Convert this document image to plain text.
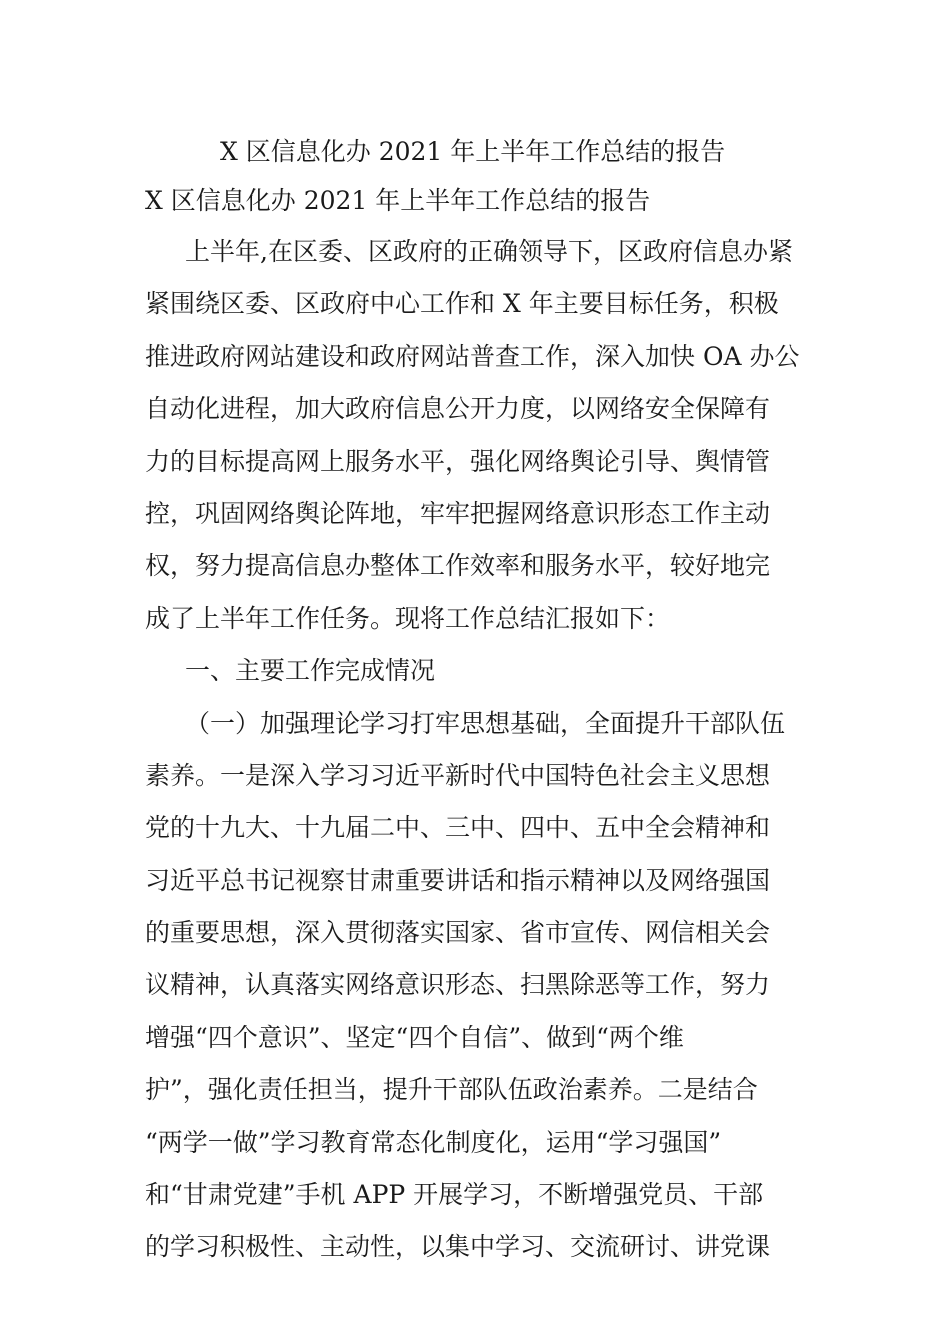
X 区信息化办 2021 年上半年工作总结的报告
X 区信息化办 2021 年上半年工作总结的报告
上半年,在区委、区政府的正确领导下，区政府信息办紧
紧围绕区委、区政府中心工作和 X 年主要目标任务，积极
推进政府网站建设和政府网站普查工作，深入加快 OA 办公
自动化进程，加大政府信息公开力度，以网络安全保障有
力的目标提高网上服务水平，强化网络舆论引导、舆情管
控，巩固网络舆论阵地，牢牢把握网络意识形态工作主动
权，努力提高信息办整体工作效率和服务水平，较好地完
成了上半年工作任务。现将工作总结汇报如下：
一、主要工作完成情况
（一）加强理论学习打牢思想基础，全面提升干部队伍
素养。一是深入学习习近平新时代中国特色社会主义思想
党的十九大、十九届二中、三中、四中、五中全会精神和
习近平总书记视察甘肃重要讲话和指示精神以及网络强国
的重要思想，深入贯彻落实国家、省市宣传、网信相关会
议精神，认真落实网络意识形态、扫黑除恶等工作，努力
增强“四个意识”、坚定“四个自信”、做到“两个维
护”，强化责任担当，提升干部队伍政治素养。二是结合
“两学一做”学习教育常态化制度化，运用“学习强国”
和“甘肃党建”手机 APP 开展学习，不断增强党员、干部
的学习积极性、主动性，以集中学习、交流研讨、讲党课
